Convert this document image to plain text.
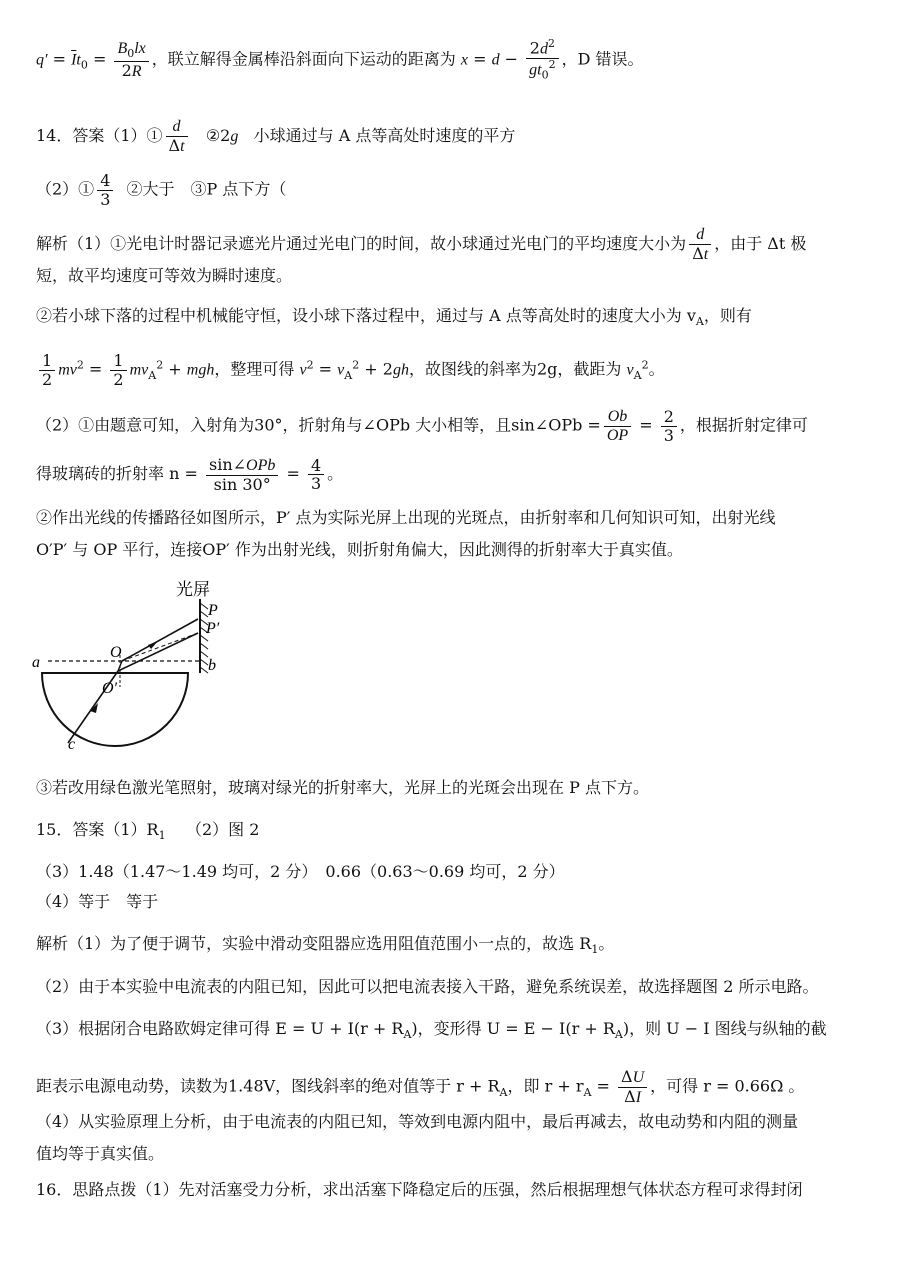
$q' = \overline{I}t_0 = \frac{B_0lx}{2R}$ ，联立解得金属棒沿斜面向下运动的距离为 $x = d - \frac{2d^2}{gt_0^2}$ ，D 错误。
14．答案（1）① $\frac{d}{\Delta t}$ ②2g 小球通过与 A 点等高处时速度的平方
（2）① $\frac{4}{3}$ ②大于　③P 点下方（
解析（1）①光电计时器记录遮光片通过光电门的时间，故小球通过光电门的平均速度大小为 $\frac{d}{\Delta t}$ ，由于 Δt 极
短，故平均速度可等效为瞬时速度。
②若小球下落的过程中机械能守恒，设小球下落过程中，通过与 A 点等高处时的速度大小为 $v_A$，则有
$\frac{1}{2} mv^2 = \frac{1}{2} mv_A^2$ + mgh，整理可得 $v^2 = v_A^2 + 2gh$，故图线的斜率为2g，截距为 $v_A^2$。
（2）①由题意可知，入射角为30°，折射角与∠OPb 大小相等，且sin∠OPb = $\frac{Ob}{OP} = \frac{2}{3}$ ，根据折射定律可
得玻璃砖的折射率 $n = \frac{\text{sin∠OPb}}{\sin 30^\circ} = \frac{4}{3}$ 。
②作出光线的传播路径如图所示，P′ 点为实际光屏上出现的光斑点，由折射率和几何知识可知，出射光线
O′P′ 与 OP 平行，连接OP′ 作为出射光线，则折射角偏大，因此测得的折射率大于真实值。
光屏
P
P′
b
a
O
O′
c
③若改用绿色激光笔照射，玻璃对绿光的折射率大，光屏上的光斑会出现在 P 点下方。
15．答案$(1)R_1$ （2）图 2
（3）1.48（1.47～1.49 均可，2 分）　0.66（0.63～0.69 均可，2 分）
（4）等于　等于
解析（1）为了便于调节，实验中滑动变阻器应选用阻值范围小一点的，故选 $R_1$。
（2）由于本实验中电流表的内阻已知，因此可以把电流表接入干路，避免系统误差，故选择题图 2 所示电路。
（3）根据闭合电路欧姆定律可得 $E = U + I(r + R_A)$，变形得 $U = E - I(r + R_A)$，则 U − I 图线与纵轴的截
距表示电源电动势，读数为1.48V，图线斜率的绝对值等于 $r + R_A$，即 $r + r_A = \frac{\Delta U}{\Delta I}$ ，可得 r = 0.66Ω 。
（4）从实验原理上分析，由于电流表的内阻已知，等效到电源内阻中，最后再减去，故电动势和内阻的测量
值均等于真实值。
16．思路点拨（1）先对活塞受力分析，求出活塞下降稳定后的压强，然后根据理想气体状态方程可求得封闭
